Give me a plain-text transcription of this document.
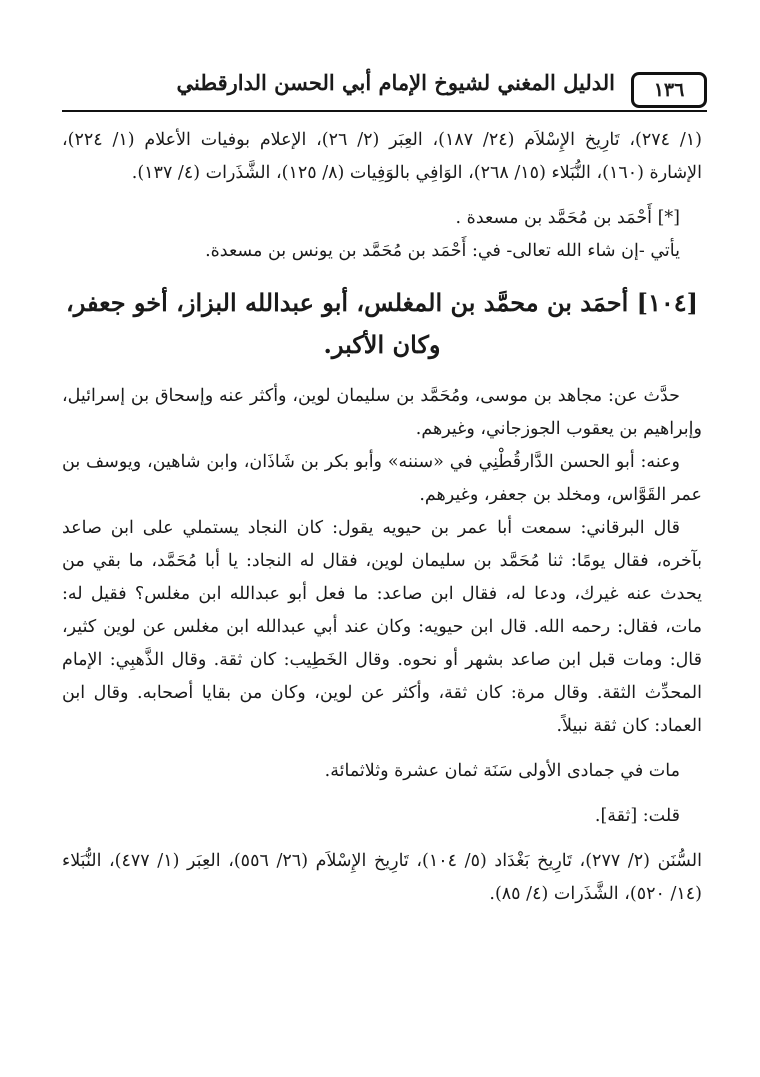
١٣٦
الدليل المغني لشيوخ الإمام أبي الحسن الدارقطني

(١/ ٢٧٤)، تَارِيخ الإِسْلاَم (٢٤/ ١٨٧)، العِبَر (٢/ ٢٦)، الإعلام بوفيات الأعلام (١/ ٢٢٤)، الإشارة (١٦٠)، النُّبَلاء (١٥/ ٢٦٨)، الوَافِي بالوَفِيات (٨/ ١٢٥)، الشَّذَرات (٤/ ١٣٧).

[*] أَحْمَد بن مُحَمَّد بن مسعدة .

يأتي -إن شاء الله تعالى- في: أَحْمَد بن مُحَمَّد بن يونس بن مسعدة.

[١٠٤] أحمَد بن محمَّد بن المغلس، أبو عبدالله البزاز، أخو جعفر، وكان الأكبر.

حدَّث عن: مجاهد بن موسى، ومُحَمَّد بن سليمان لوين، وأكثر عنه وإسحاق بن إسرائيل، وإبراهيم بن يعقوب الجوزجاني، وغيرهم.

وعنه: أبو الحسن الدَّارقُطْنِي في «سننه» وأبو بكر بن شَاذَان، وابن شاهين، ويوسف بن عمر القَوَّاس، ومخلد بن جعفر، وغيرهم.

قال البرقاني: سمعت أبا عمر بن حيويه يقول: كان النجاد يستملي على ابن صاعد بآخره، فقال يومًا: ثنا مُحَمَّد بن سليمان لوين، فقال له النجاد: يا أبا مُحَمَّد، ما بقي من يحدث عنه غيرك، ودعا له، فقال ابن صاعد: ما فعل أبو عبدالله ابن مغلس؟ فقيل له: مات، فقال: رحمه الله. قال ابن حيويه: وكان عند أبي عبدالله ابن مغلس عن لوين كثير، قال: ومات قبل ابن صاعد بشهر أو نحوه. وقال الخَطِيب: كان ثقة. وقال الذَّهبِي: الإمام المحدِّث الثقة. وقال مرة: كان ثقة، وأكثر عن لوين، وكان من بقايا أصحابه. وقال ابن العماد: كان ثقة نبيلاً.

مات في جمادى الأولى سَنَة ثمان عشرة وثلاثمائة.

قلت: [ثقة].

السُّنَن (٢/ ٢٧٧)، تَارِيخ بَغْدَاد (٥/ ١٠٤)، تَارِيخ الإِسْلاَم (٢٦/ ٥٥٦)، العِبَر (١/ ٤٧٧)، النُّبَلاء (١٤/ ٥٢٠)، الشَّذَرات (٤/ ٨٥).
